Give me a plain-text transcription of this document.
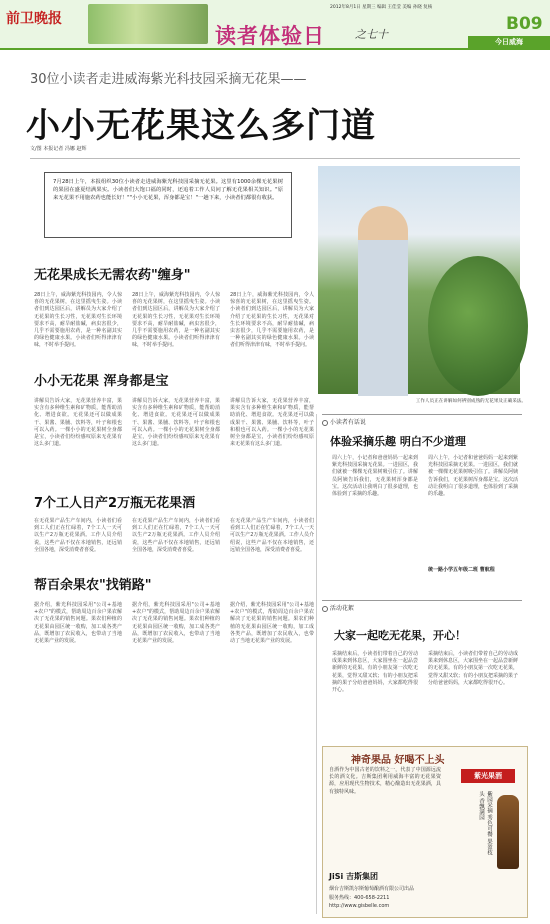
前卫晚报
读者体验日	之七十
2012年8月1日 星期三 编辑 王佳莹 美编 孙晓 复核
B09
今日威海
30位小读者走进威海紫光科技园采摘无花果——
小小无花果这么多门道
文/图 本报记者 冯娜 赵辉
7月28日上午，本报组织30位小读者走进威海紫光科技园采摘无花果。这里有1000余棵无花果树的果园在盛夏结满果实。小读者们大饱口福的同时，还追着工作人员问了解无花果相关知识。"原来无花果不用施农药也能长好！""小小无花果，浑身都是宝！"一趟下来，小读者们都很有收获。
工作人员正在讲解如何辨别成熟的无花果及正确采法。
无花果成长无需农药"缠身"
28日上午，威海紫光科技园内，令人惊喜的无花果树，在这里摇曳生姿。小读者们到达园区后，讲解员为大家介绍了无花果的生长习性，无花果对生长环境要求不高，耐旱耐盐碱，病虫害很少，几乎不需要施用农药，是一种名副其实的绿色健康水果。小读者们听得津津有味，不时举手提问。
28日上午，威海紫光科技园内，令人惊喜的无花果树，在这里摇曳生姿。小读者们到达园区后，讲解员为大家介绍了无花果的生长习性，无花果对生长环境要求不高，耐旱耐盐碱，病虫害很少，几乎不需要施用农药，是一种名副其实的绿色健康水果。小读者们听得津津有味，不时举手提问。
28日上午，威海紫光科技园内，令人惊喜的无花果树，在这里摇曳生姿。小读者们到达园区后，讲解员为大家介绍了无花果的生长习性，无花果对生长环境要求不高，耐旱耐盐碱，病虫害很少，几乎不需要施用农药，是一种名副其实的绿色健康水果。小读者们听得津津有味，不时举手提问。
小小无花果 浑身都是宝
讲解员告诉大家，无花果营养丰富，果实含有多种维生素和矿物质，能帮助消化、增进食欲。无花果还可以做成果干、果酱、果脯、饮料等，叶子和根也可以入药。一棵小小的无花果树全身都是宝，小读者们纷纷感叹原来无花果有这么多门道。
讲解员告诉大家，无花果营养丰富，果实含有多种维生素和矿物质，能帮助消化、增进食欲。无花果还可以做成果干、果酱、果脯、饮料等，叶子和根也可以入药。一棵小小的无花果树全身都是宝，小读者们纷纷感叹原来无花果有这么多门道。
讲解员告诉大家，无花果营养丰富，果实含有多种维生素和矿物质，能帮助消化、增进食欲。无花果还可以做成果干、果酱、果脯、饮料等，叶子和根也可以入药。一棵小小的无花果树全身都是宝，小读者们纷纷感叹原来无花果有这么多门道。
7个工人日产2万瓶无花果酒
在无花果产品生产车间内，小读者们看到工人们正在忙碌着，7个工人一天可以生产2万瓶无花果酒。工作人员介绍说，这些产品不仅在本地销售，还远销全国各地，深受消费者喜爱。
在无花果产品生产车间内，小读者们看到工人们正在忙碌着，7个工人一天可以生产2万瓶无花果酒。工作人员介绍说，这些产品不仅在本地销售，还远销全国各地，深受消费者喜爱。
在无花果产品生产车间内，小读者们看到工人们正在忙碌着，7个工人一天可以生产2万瓶无花果酒。工作人员介绍说，这些产品不仅在本地销售，还远销全国各地，深受消费者喜爱。
帮百余果农"找销路"
据介绍，紫光科技园采用"公司+基地+农户"的模式，帮助周边百余户果农解决了无花果的销售问题。果农们种植的无花果由园区统一收购，加工成各类产品，既增加了农民收入，也带动了当地无花果产业的发展。
据介绍，紫光科技园采用"公司+基地+农户"的模式，帮助周边百余户果农解决了无花果的销售问题。果农们种植的无花果由园区统一收购，加工成各类产品，既增加了农民收入，也带动了当地无花果产业的发展。
据介绍，紫光科技园采用"公司+基地+农户"的模式，帮助周边百余户果农解决了无花果的销售问题。果农们种植的无花果由园区统一收购，加工成各类产品，既增加了农民收入，也带动了当地无花果产业的发展。
小读者有话说
体验采摘乐趣 明白不少道理
周六上午，小记者和爸爸妈妈一起来到紫光科技园采摘无花果。一进园区，我们就被一棵棵无花果树吸引住了。讲解员阿姨告诉我们，无花果树浑身都是宝。这次活动让我明白了很多道理，也体验到了采摘的乐趣。
周六上午，小记者和爸爸妈妈一起来到紫光科技园采摘无花果。一进园区，我们就被一棵棵无花果树吸引住了。讲解员阿姨告诉我们，无花果树浑身都是宝。这次活动让我明白了很多道理，也体验到了采摘的乐趣。
统一路小学五年级二班 曹航程
活动花絮
大家一起吃无花果，开心！
采摘结束后，小读者们带着自己的劳动成果来到休息区，大家围坐在一起品尝新鲜的无花果。有的小朋友第一次吃无花果，觉得又甜又软；有的小朋友把采摘的果子分给爸爸妈妈，大家都吃得很开心。
采摘结束后，小读者们带着自己的劳动成果来到休息区，大家围坐在一起品尝新鲜的无花果。有的小朋友第一次吃无花果，觉得又甜又软；有的小朋友把采摘的果子分给爸爸妈妈，大家都吃得很开心。
神奇果品 好喝不上头
自酒作为中国古老的饮料之一，代表了中国源远流长的酒文化。吉斯集团利用威海丰富的无花果资源，应用现代生物技术，精心酿造出无花果酒，具有独特风味。
紫光果酒
紫园采摘 秀色可餐 果盈枝头 香飘满园
JiSi 吉斯集团
烟台吉斯凯尔斯葡萄酿酒有限公司出品
服务热线：400-658-2211
http://www.gisbelle.com
